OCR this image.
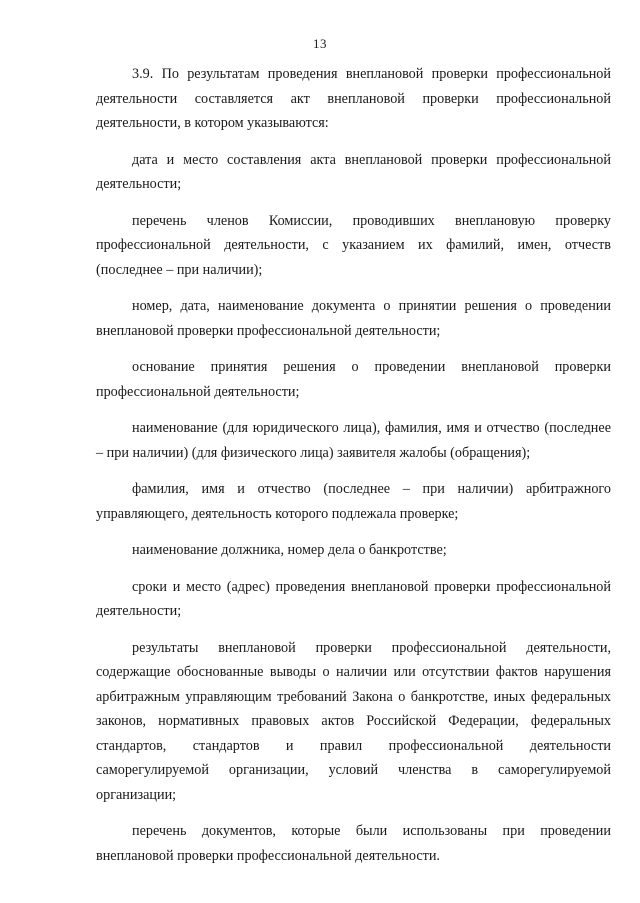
13

3.9. По результатам проведения внеплановой проверки профессиональной деятельности составляется акт внеплановой проверки профессиональной деятельности, в котором указываются:

дата и место составления акта внеплановой проверки профессиональной деятельности;

перечень членов Комиссии, проводивших внеплановую проверку профессиональной деятельности, с указанием их фамилий, имен, отчеств (последнее – при наличии);

номер, дата, наименование документа о принятии решения о проведении внеплановой проверки профессиональной деятельности;

основание принятия решения о проведении внеплановой проверки профессиональной деятельности;

наименование (для юридического лица), фамилия, имя и отчество (последнее – при наличии) (для физического лица) заявителя жалобы (обращения);

фамилия, имя и отчество (последнее – при наличии) арбитражного управляющего, деятельность которого подлежала проверке;

наименование должника, номер дела о банкротстве;

сроки и место (адрес) проведения внеплановой проверки профессиональной деятельности;

результаты внеплановой проверки профессиональной деятельности, содержащие обоснованные выводы о наличии или отсутствии фактов нарушения арбитражным управляющим требований Закона о банкротстве, иных федеральных законов, нормативных правовых актов Российской Федерации, федеральных стандартов, стандартов и правил профессиональной деятельности саморегулируемой организации, условий членства в саморегулируемой организации;

перечень документов, которые были использованы при проведении внеплановой проверки профессиональной деятельности.
